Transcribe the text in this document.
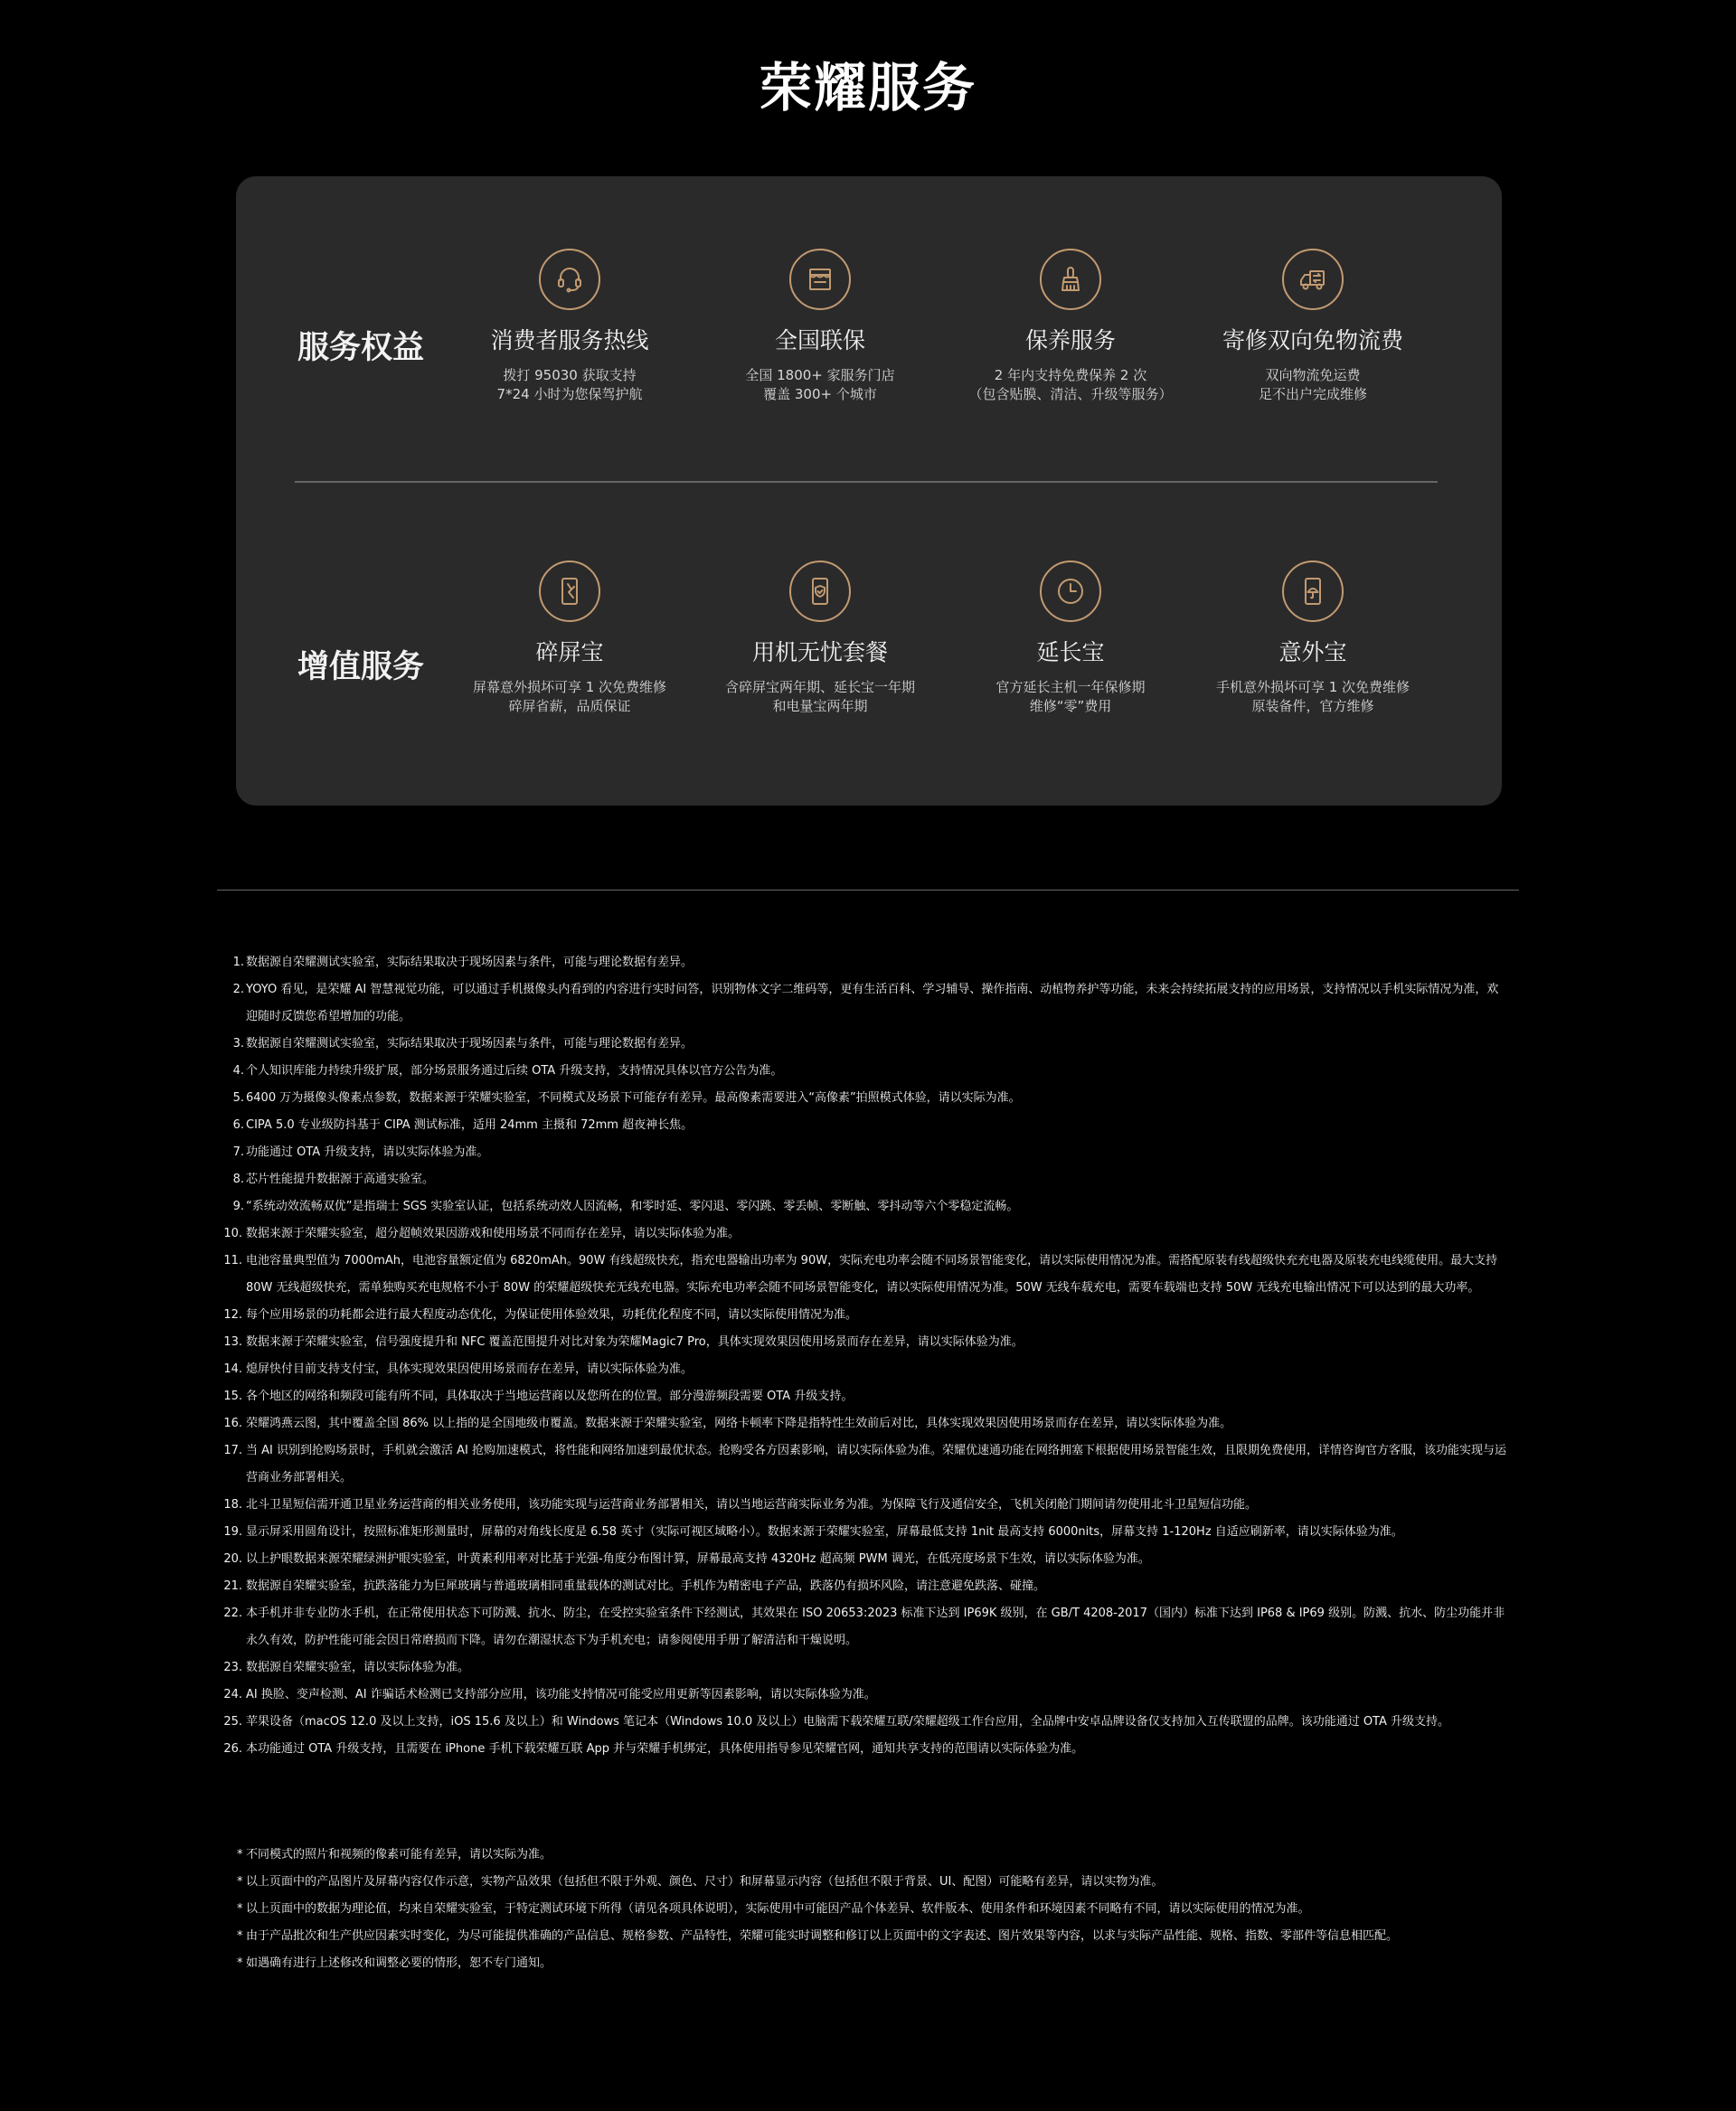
荣耀服务
服务权益	消费者服务热线
拨打 95030 获取支持
7*24 小时为您保驾护航
全国联保
全国 1800+ 家服务门店
覆盖 300+ 个城市
保养服务
2 年内支持免费保养 2 次
（包含贴膜、清洁、升级等服务）
寄修双向免物流费
双向物流免运费
足不出户完成维修
增值服务	碎屏宝
屏幕意外损坏可享 1 次免费维修
碎屏省薪，品质保证
用机无忧套餐
含碎屏宝两年期、延长宝一年期
和电量宝两年期
延长宝
官方延长主机一年保修期
维修“零”费用
意外宝
手机意外损坏可享 1 次免费维修
原装备件，官方维修
1. 数据源自荣耀测试实验室，实际结果取决于现场因素与条件，可能与理论数据有差异。
2. YOYO 看见，是荣耀 AI 智慧视觉功能，可以通过手机摄像头内看到的内容进行实时问答，识别物体文字二维码等，更有生活百科、学习辅导、操作指南、动植物养护等功能，未来会持续拓展支持的应用场景，支持情况以手机实际情况为准，欢迎随时反馈您希望增加的功能。
3. 数据源自荣耀测试实验室，实际结果取决于现场因素与条件，可能与理论数据有差异。
4. 个人知识库能力持续升级扩展，部分场景服务通过后续 OTA 升级支持，支持情况具体以官方公告为准。
5. 6400 万为摄像头像素点参数，数据来源于荣耀实验室，不同模式及场景下可能存有差异。最高像素需要进入“高像素”拍照模式体验，请以实际为准。
6. CIPA 5.0 专业级防抖基于 CIPA 测试标准，适用 24mm 主摄和 72mm 超夜神长焦。
7. 功能通过 OTA 升级支持，请以实际体验为准。
8. 芯片性能提升数据源于高通实验室。
9. “系统动效流畅双优”是指瑞士 SGS 实验室认证，包括系统动效人因流畅，和零时延、零闪退、零闪跳、零丢帧、零断触、零抖动等六个零稳定流畅。
10. 数据来源于荣耀实验室，超分超帧效果因游戏和使用场景不同而存在差异，请以实际体验为准。
11. 电池容量典型值为 7000mAh，电池容量额定值为 6820mAh。90W 有线超级快充，指充电器输出功率为 90W，实际充电功率会随不同场景智能变化，请以实际使用情况为准。需搭配原装有线超级快充充电器及原装充电线缆使用。最大支持 80W 无线超级快充，需单独购买充电规格不小于 80W 的荣耀超级快充无线充电器。实际充电功率会随不同场景智能变化，请以实际使用情况为准。50W 无线车载充电，需要车载端也支持 50W 无线充电输出情况下可以达到的最大功率。
12. 每个应用场景的功耗都会进行最大程度动态优化，为保证使用体验效果，功耗优化程度不同，请以实际使用情况为准。
13. 数据来源于荣耀实验室，信号强度提升和 NFC 覆盖范围提升对比对象为荣耀Magic7 Pro，具体实现效果因使用场景而存在差异，请以实际体验为准。
14. 熄屏快付目前支持支付宝，具体实现效果因使用场景而存在差异，请以实际体验为准。
15. 各个地区的网络和频段可能有所不同，具体取决于当地运营商以及您所在的位置。部分漫游频段需要 OTA 升级支持。
16. 荣耀鸿燕云图，其中覆盖全国 86% 以上指的是全国地级市覆盖。数据来源于荣耀实验室，网络卡顿率下降是指特性生效前后对比，具体实现效果因使用场景而存在差异，请以实际体验为准。
17. 当 AI 识别到抢购场景时，手机就会激活 AI 抢购加速模式，将性能和网络加速到最优状态。抢购受各方因素影响，请以实际体验为准。荣耀优速通功能在网络拥塞下根据使用场景智能生效，且限期免费使用，详情咨询官方客服，该功能实现与运营商业务部署相关。
18. 北斗卫星短信需开通卫星业务运营商的相关业务使用，该功能实现与运营商业务部署相关，请以当地运营商实际业务为准。为保障飞行及通信安全，飞机关闭舱门期间请勿使用北斗卫星短信功能。
19. 显示屏采用圆角设计，按照标准矩形测量时，屏幕的对角线长度是 6.58 英寸（实际可视区域略小）。数据来源于荣耀实验室，屏幕最低支持 1nit 最高支持 6000nits，屏幕支持 1-120Hz 自适应刷新率，请以实际体验为准。
20. 以上护眼数据来源荣耀绿洲护眼实验室，叶黄素利用率对比基于光强-角度分布图计算，屏幕最高支持 4320Hz 超高频 PWM 调光，在低亮度场景下生效，请以实际体验为准。
21. 数据源自荣耀实验室，抗跌落能力为巨犀玻璃与普通玻璃相同重量载体的测试对比。手机作为精密电子产品，跌落仍有损坏风险，请注意避免跌落、碰撞。
22. 本手机并非专业防水手机，在正常使用状态下可防溅、抗水、防尘，在受控实验室条件下经测试，其效果在 ISO 20653:2023 标准下达到 IP69K 级别，在 GB/T 4208-2017（国内）标准下达到 IP68 & IP69 级别。防溅、抗水、防尘功能并非永久有效，防护性能可能会因日常磨损而下降。请勿在潮湿状态下为手机充电；请参阅使用手册了解清洁和干燥说明。
23. 数据源自荣耀实验室，请以实际体验为准。
24. AI 换脸、变声检测、AI 诈骗话术检测已支持部分应用，该功能支持情况可能受应用更新等因素影响，请以实际体验为准。
25. 苹果设备（macOS 12.0 及以上支持，iOS 15.6 及以上）和 Windows 笔记本（Windows 10.0 及以上）电脑需下载荣耀互联/荣耀超级工作台应用，全品牌中安卓品牌设备仅支持加入互传联盟的品牌。该功能通过 OTA 升级支持。
26. 本功能通过 OTA 升级支持，且需要在 iPhone 手机下载荣耀互联 App 并与荣耀手机绑定，具体使用指导参见荣耀官网，通知共享支持的范围请以实际体验为准。
* 不同模式的照片和视频的像素可能有差异，请以实际为准。
* 以上页面中的产品图片及屏幕内容仅作示意，实物产品效果（包括但不限于外观、颜色、尺寸）和屏幕显示内容（包括但不限于背景、UI、配图）可能略有差异，请以实物为准。
* 以上页面中的数据为理论值，均来自荣耀实验室，于特定测试环境下所得（请见各项具体说明），实际使用中可能因产品个体差异、软件版本、使用条件和环境因素不同略有不同，请以实际使用的情况为准。
* 由于产品批次和生产供应因素实时变化，为尽可能提供准确的产品信息、规格参数、产品特性，荣耀可能实时调整和修订以上页面中的文字表述、图片效果等内容，以求与实际产品性能、规格、指数、零部件等信息相匹配。
* 如遇确有进行上述修改和调整必要的情形，恕不专门通知。
